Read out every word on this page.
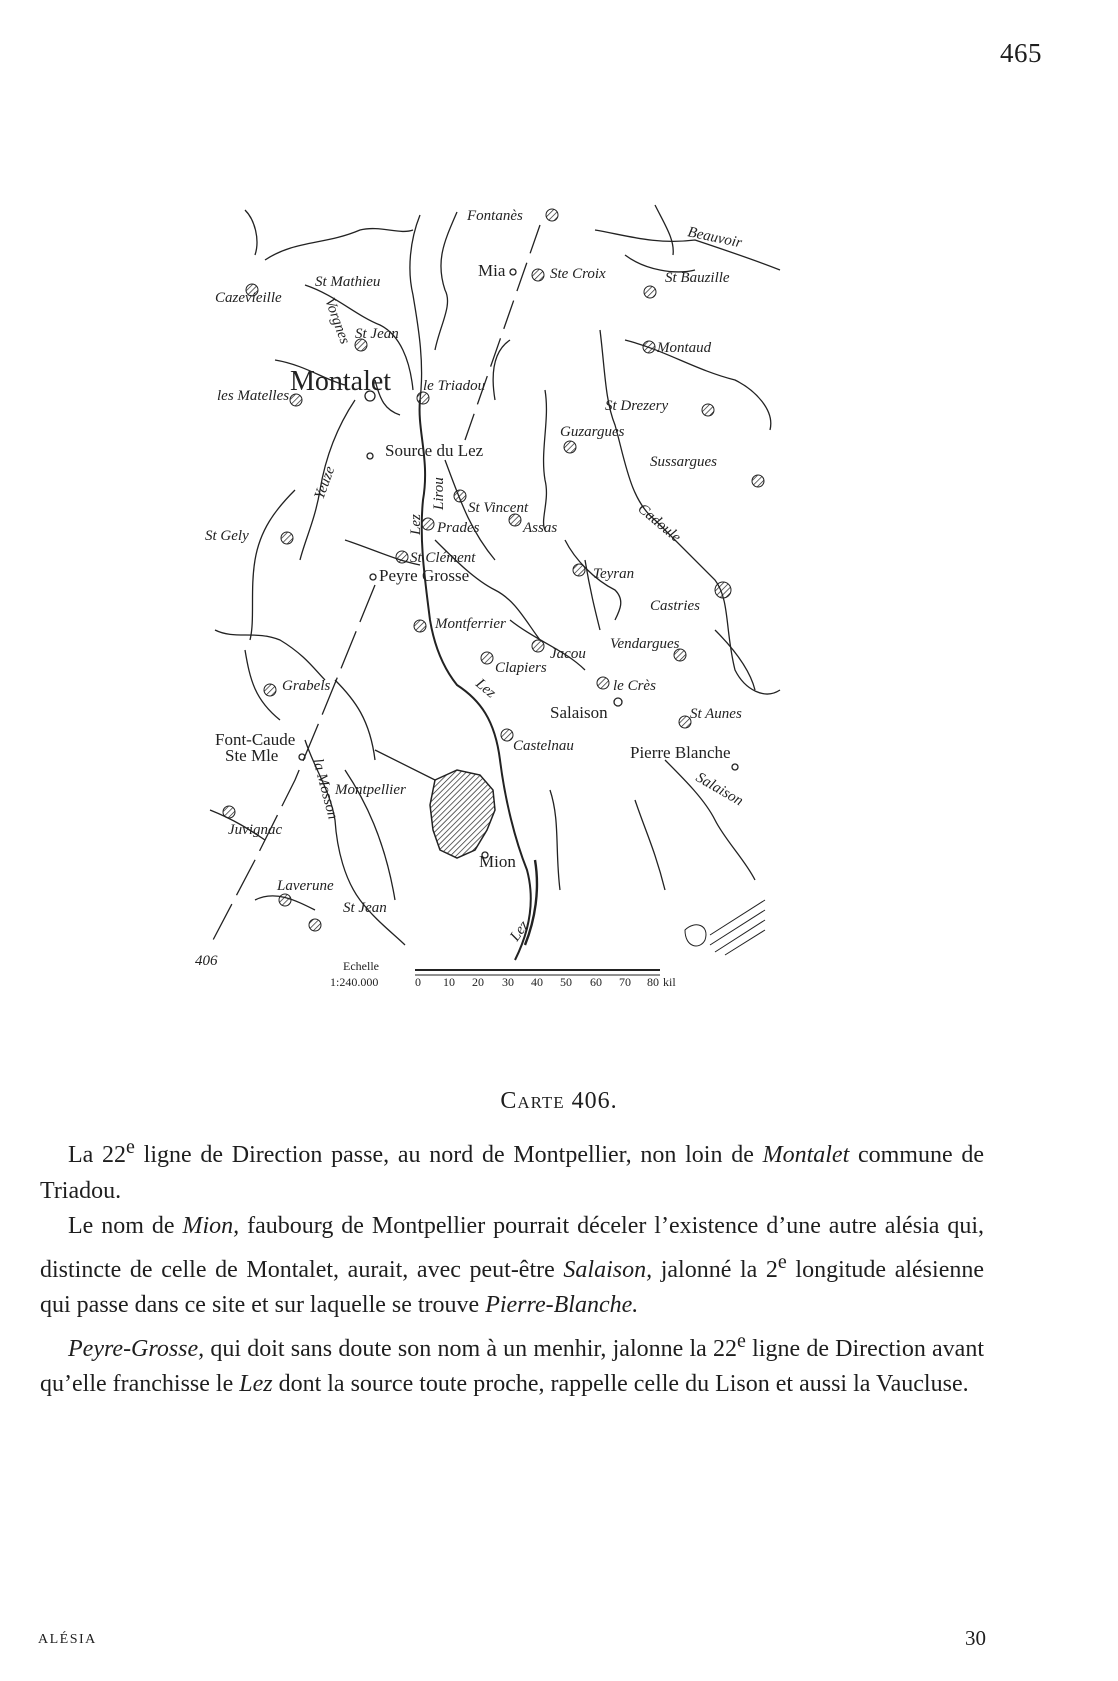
465
Echelle
1:240.000	0 10 20 30 40 50 60 70 80 kil
406
Fontanès
Beauvoir
Mia	Ste Croix	St Bauzille
St Mathieu
Cazevieille	Vorgnes St Jean
Montaud
Montalet le Triadou
les Matelles
St Drezery
Guzargues
Sussargues
Source du Lez
Lez
Lirou
Yeuze
St Vincent
Prades	Assas	Cadoule
St Gely
St Clément
Peyre Grosse	Teyran
Castries
Montferrier
Jacou
Vendargues
Clapiers
Grabels	Lez	le Crès
Salaison	St Aunes
Font-Caude
Ste Mle	Castelnau	Pierre Blanche
Salaison
Montpellier
la Mosson
Juvignac
Mion
Laverune
St Jean
Lez
Carte 406.

La 22e ligne de Direction passe, au nord de Montpellier, non loin de Montalet commune de Triadou.

Le nom de Mion, faubourg de Montpellier pourrait déceler l’existence d’une autre alésia qui, distincte de celle de Montalet, aurait, avec peut-être Salaison, jalonné la 2e longitude alésienne qui passe dans ce site et sur laquelle se trouve Pierre-Blanche.

Peyre-Grosse, qui doit sans doute son nom à un menhir, jalonne la 22e ligne de Direction avant qu’elle franchisse le Lez dont la source toute proche, rappelle celle du Lison et aussi la Vaucluse.

ALÉSIA	30
